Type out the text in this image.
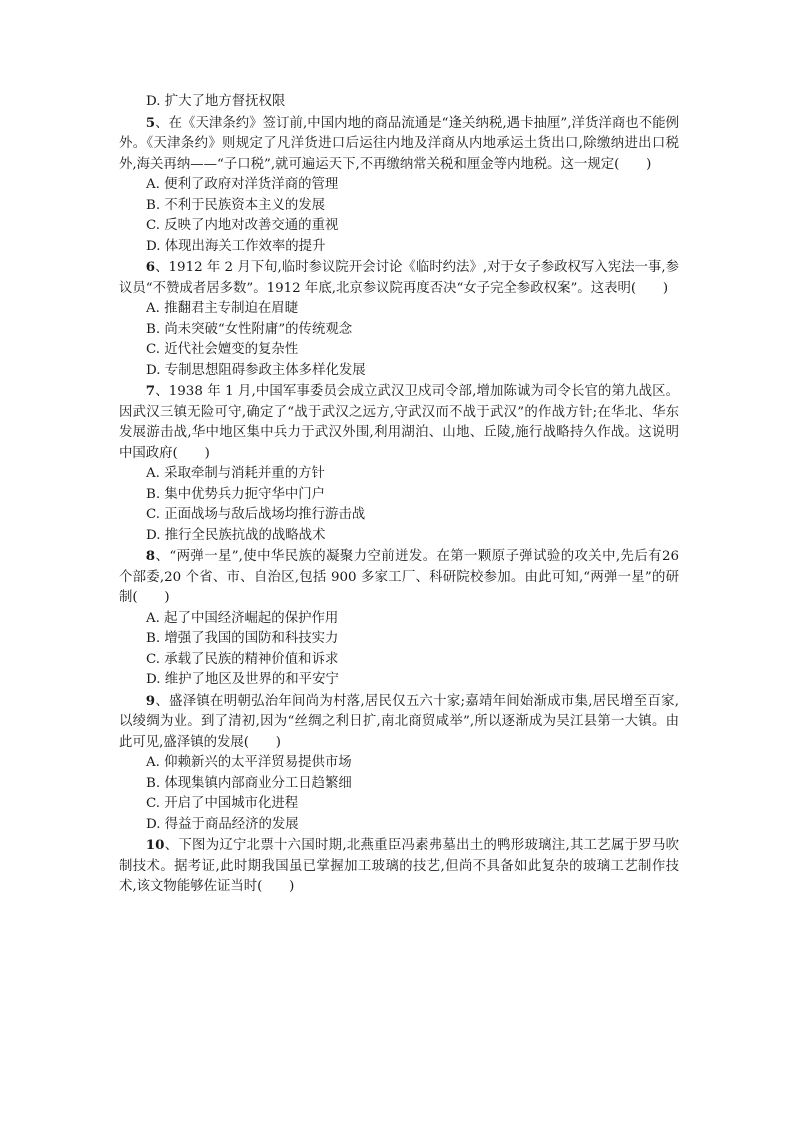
D. 扩大了地方督抚权限

5、在《天津条约》签订前,中国内地的商品流通是“逢关纳税,遇卡抽厘”,洋货洋商也不能例外。《天津条约》则规定了凡洋货进口后运往内地及洋商从内地承运土货出口,除缴纳进出口税外,海关再纳——“子口税”,就可遍运天下,不再缴纳常关税和厘金等内地税。这一规定(　　)

A. 便利了政府对洋货洋商的管理

B. 不利于民族资本主义的发展

C. 反映了内地对改善交通的重视

D. 体现出海关工作效率的提升

6、1912 年 2 月下旬,临时参议院开会讨论《临时约法》,对于女子参政权写入宪法一事,参议员“不赞成者居多数”。1912 年底,北京参议院再度否决“女子完全参政权案”。这表明(　　)

A. 推翻君主专制迫在眉睫

B. 尚未突破“女性附庸”的传统观念

C. 近代社会嬗变的复杂性

D. 专制思想阻碍参政主体多样化发展

7、1938 年 1 月,中国军事委员会成立武汉卫戍司令部,增加陈诚为司令长官的第九战区。因武汉三镇无险可守,确定了“战于武汉之远方,守武汉而不战于武汉”的作战方针;在华北、华东发展游击战,华中地区集中兵力于武汉外围,利用湖泊、山地、丘陵,施行战略持久作战。这说明中国政府(　　)

A. 采取牵制与消耗并重的方针

B. 集中优势兵力扼守华中门户

C. 正面战场与敌后战场均推行游击战

D. 推行全民族抗战的战略战术

8、“两弹一星”,使中华民族的凝聚力空前迸发。在第一颗原子弹试验的攻关中,先后有26 个部委,20 个省、市、自治区,包括 900 多家工厂、科研院校参加。由此可知,“两弹一星”的研制(　　)

A. 起了中国经济崛起的保护作用

B. 增强了我国的国防和科技实力

C. 承载了民族的精神价值和诉求

D. 维护了地区及世界的和平安宁

9、盛泽镇在明朝弘治年间尚为村落,居民仅五六十家;嘉靖年间始渐成市集,居民增至百家,以绫绸为业。到了清初,因为“丝绸之利日扩,南北商贸咸举”,所以逐渐成为吴江县第一大镇。由此可见,盛泽镇的发展(　　)

A. 仰赖新兴的太平洋贸易提供市场

B. 体现集镇内部商业分工日趋繁细

C. 开启了中国城市化进程

D. 得益于商品经济的发展

10、下图为辽宁北票十六国时期,北燕重臣冯素弗墓出土的鸭形玻璃注,其工艺属于罗马吹制技术。据考证,此时期我国虽已掌握加工玻璃的技艺,但尚不具备如此复杂的玻璃工艺制作技术,该文物能够佐证当时(　　)
